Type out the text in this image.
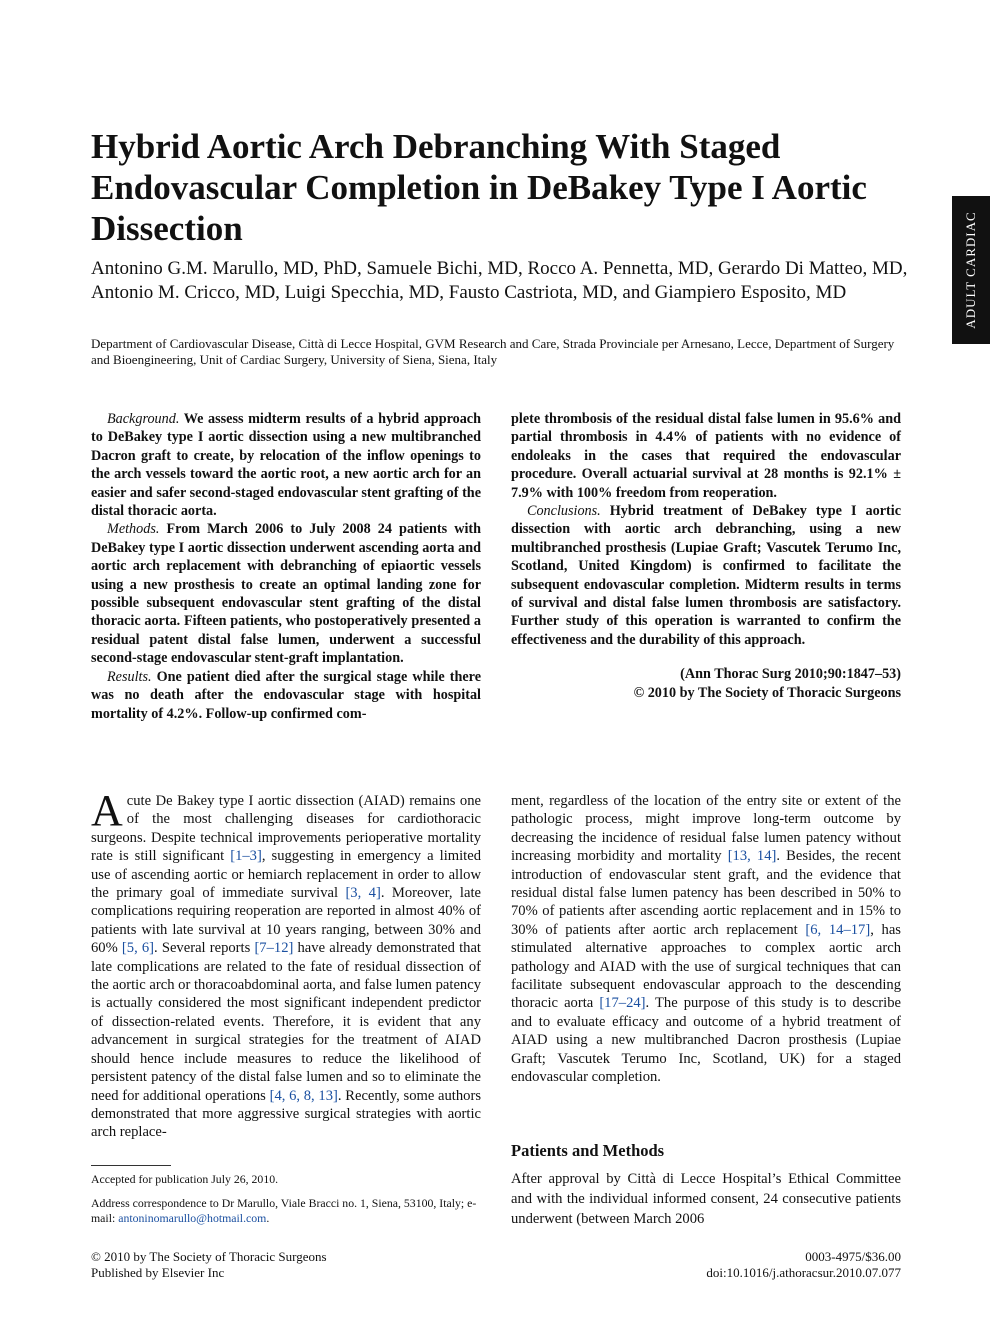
ADULT CARDIAC
Hybrid Aortic Arch Debranching With Staged Endovascular Completion in DeBakey Type I Aortic Dissection
Antonino G.M. Marullo, MD, PhD, Samuele Bichi, MD, Rocco A. Pennetta, MD, Gerardo Di Matteo, MD, Antonio M. Cricco, MD, Luigi Specchia, MD, Fausto Castriota, MD, and Giampiero Esposito, MD
Department of Cardiovascular Disease, Città di Lecce Hospital, GVM Research and Care, Strada Provinciale per Arnesano, Lecce, Department of Surgery and Bioengineering, Unit of Cardiac Surgery, University of Siena, Siena, Italy

Background. We assess midterm results of a hybrid approach to DeBakey type I aortic dissection using a new multibranched Dacron graft to create, by relocation of the inflow openings to the arch vessels toward the aortic root, a new aortic arch for an easier and safer second-staged endovascular stent grafting of the distal thoracic aorta.

Methods. From March 2006 to July 2008 24 patients with DeBakey type I aortic dissection underwent ascending aorta and aortic arch replacement with debranching of epiaortic vessels using a new prosthesis to create an optimal landing zone for possible subsequent endovascular stent grafting of the distal thoracic aorta. Fifteen patients, who postoperatively presented a residual patent distal false lumen, underwent a successful second-stage endovascular stent-graft implantation.

Results. One patient died after the surgical stage while there was no death after the endovascular stage with hospital mortality of 4.2%. Follow-up confirmed com-

plete thrombosis of the residual distal false lumen in 95.6% and partial thrombosis in 4.4% of patients with no evidence of endoleaks in the cases that required the endovascular procedure. Overall actuarial survival at 28 months is 92.1% ± 7.9% with 100% freedom from reoperation.

Conclusions. Hybrid treatment of DeBakey type I aortic dissection with aortic arch debranching, using a new multibranched prosthesis (Lupiae Graft; Vascutek Terumo Inc, Scotland, United Kingdom) is confirmed to facilitate the subsequent endovascular completion. Midterm results in terms of survival and distal false lumen thrombosis are satisfactory. Further study of this operation is warranted to confirm the effectiveness and the durability of this approach.

(Ann Thorac Surg 2010;90:1847–53)

© 2010 by The Society of Thoracic Surgeons

Acute De Bakey type I aortic dissection (AIAD) remains one of the most challenging diseases for cardiothoracic surgeons. Despite technical improvements perioperative mortality rate is still significant [1–3], suggesting in emergency a limited use of ascending aortic or hemiarch replacement in order to allow the primary goal of immediate survival [3, 4]. Moreover, late complications requiring reoperation are reported in almost 40% of patients with late survival at 10 years ranging, between 30% and 60% [5, 6]. Several reports [7–12] have already demonstrated that late complications are related to the fate of residual dissection of the aortic arch or thoracoabdominal aorta, and false lumen patency is actually considered the most significant independent predictor of dissection-related events. Therefore, it is evident that any advancement in surgical strategies for the treatment of AIAD should hence include measures to reduce the likelihood of persistent patency of the distal false lumen and so to eliminate the need for additional operations [4, 6, 8, 13]. Recently, some authors demonstrated that more aggressive surgical strategies with aortic arch replace-
ment, regardless of the location of the entry site or extent of the pathologic process, might improve long-term outcome by decreasing the incidence of residual false lumen patency without increasing morbidity and mortality [13, 14]. Besides, the recent introduction of endovascular stent graft, and the evidence that residual distal false lumen patency has been described in 50% to 70% of patients after ascending aortic replacement and in 15% to 30% of patients after aortic arch replacement [6, 14–17], has stimulated alternative approaches to complex aortic arch pathology and AIAD with the use of surgical techniques that can facilitate subsequent endovascular approach to the descending thoracic aorta [17–24]. The purpose of this study is to describe and to evaluate efficacy and outcome of a hybrid treatment of AIAD using a new multibranched Dacron prosthesis (Lupiae Graft; Vascutek Terumo Inc, Scotland, UK) for a staged endovascular completion.
Patients and Methods
After approval by Città di Lecce Hospital’s Ethical Committee and with the individual informed consent, 24 consecutive patients underwent (between March 2006
Accepted for publication July 26, 2010.
Address correspondence to Dr Marullo, Viale Bracci no. 1, Siena, 53100, Italy; e-mail: antoninomarullo@hotmail.com.
© 2010 by The Society of Thoracic Surgeons
Published by Elsevier Inc
0003-4975/$36.00
doi:10.1016/j.athoracsur.2010.07.077
